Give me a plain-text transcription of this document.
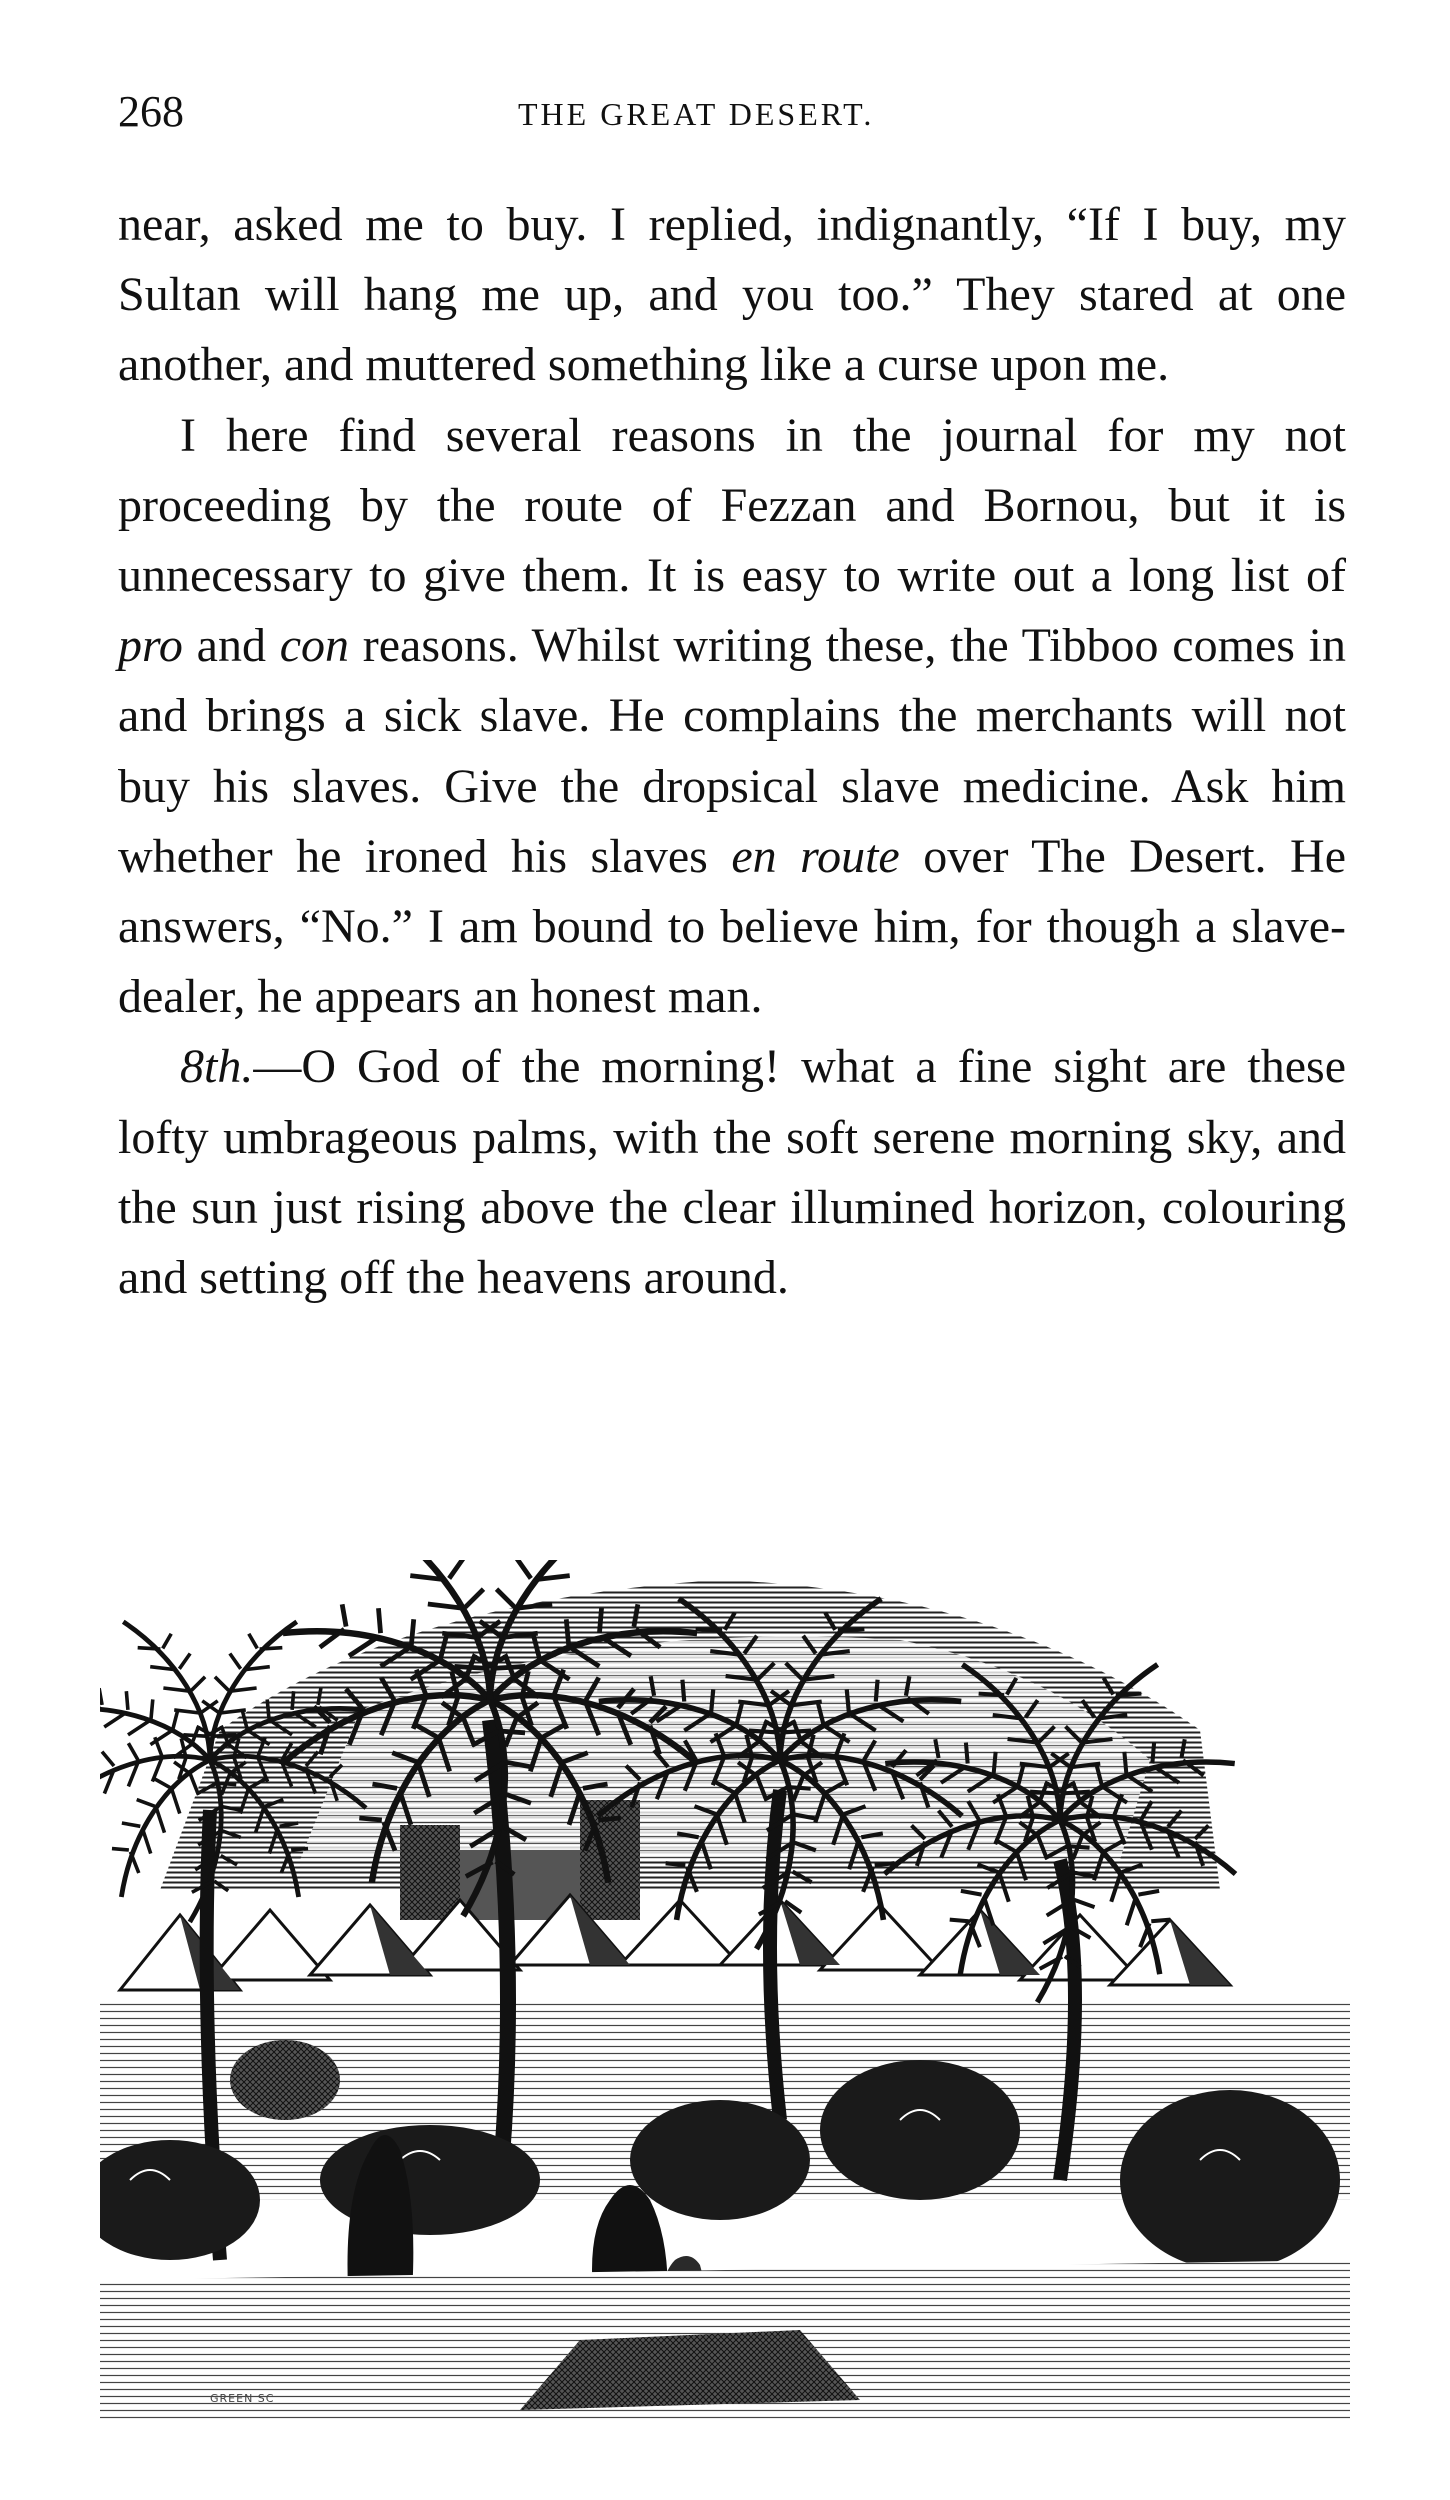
268	THE GREAT DESERT.

near, asked me to buy. I replied, indignantly, “If I buy, my Sultan will hang me up, and you too.” They stared at one another, and muttered something like a curse upon me.

I here find several reasons in the journal for my not proceeding by the route of Fezzan and Bornou, but it is unnecessary to give them. It is easy to write out a long list of pro and con reasons. Whilst writing these, the Tibboo comes in and brings a sick slave. He complains the merchants will not buy his slaves. Give the dropsical slave medicine. Ask him whether he ironed his slaves en route over The Desert. He answers, “No.” I am bound to believe him, for though a slave-dealer, he appears an honest man.

8th.—O God of the morning! what a fine sight are these lofty umbrageous palms, with the soft serene morning sky, and the sun just rising above the clear illumined horizon, colouring and setting off the heavens around.

GREEN SC
